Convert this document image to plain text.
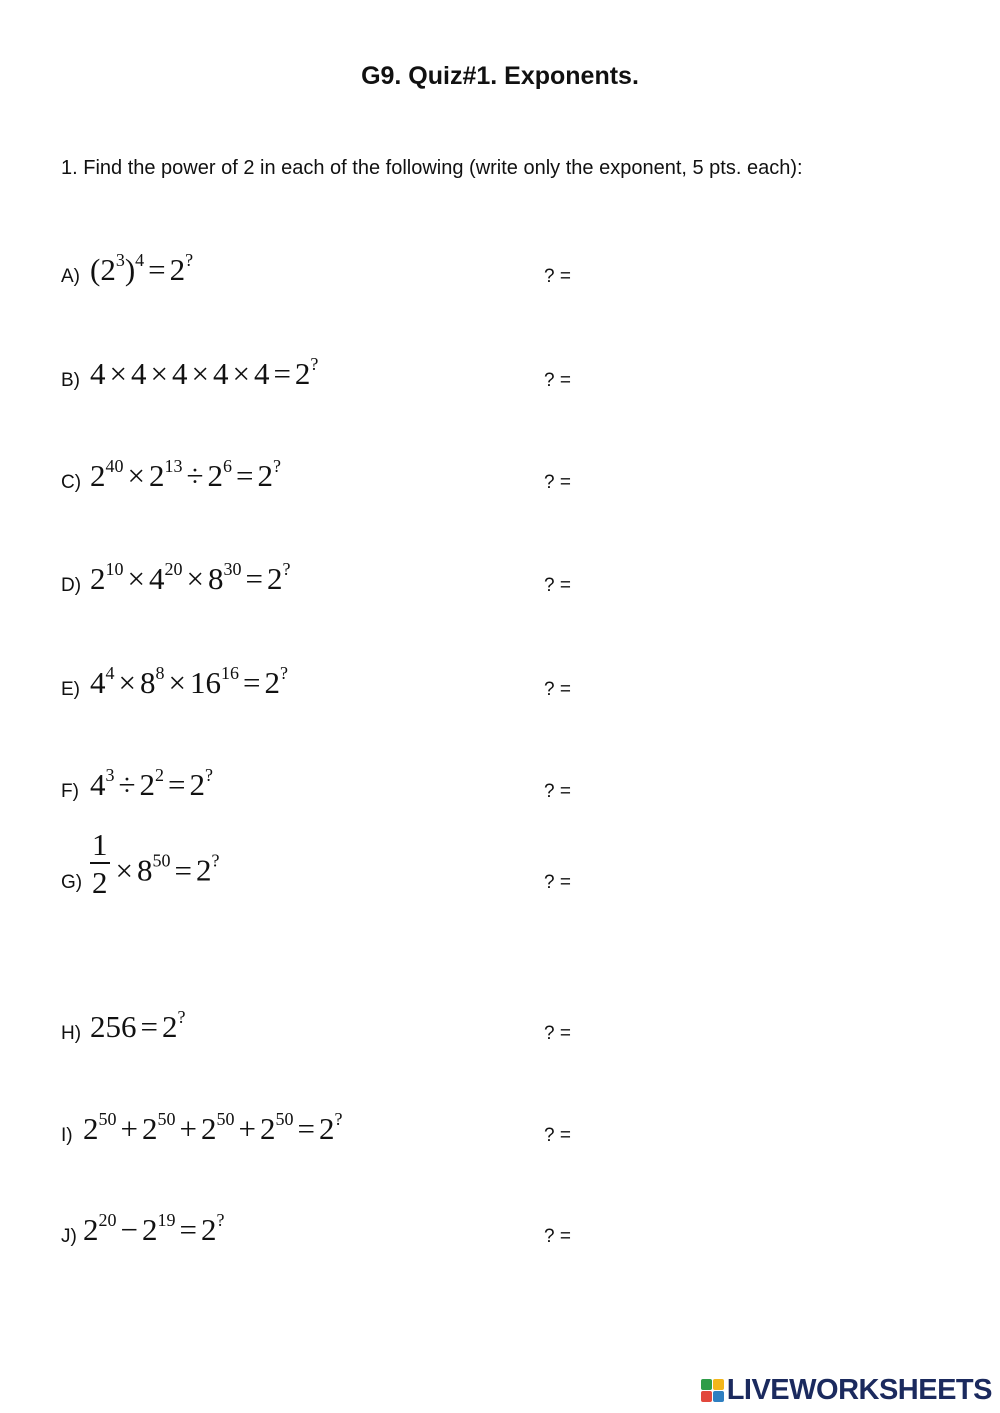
G9. Quiz#1. Exponents.
1. Find the power of 2 in each of the following (write only the exponent, 5 pts. each):
A) $(2^3)^4 = 2^?$
? =
B) 4 × 4 × 4 × 4 × 4 = 2?
? =
C) $2^{40} \times 2^{13} \div 2^6 = 2^?$
? =
D) $2^{10} \times 4^{20} \times 8^{30} = 2^?$
? =
E) $4^4 \times 8^8 \times 16^{16} = 2^?$
? =
F) $4^3 \div 2^2 = 2^?$
? =
$G) \frac{1}{2} \times 8^{50} = 2^?$
? =
H) 256 = 2?
? =
I) $2^{50} + 2^{50} + 2^{50} + 2^{50} = 2^?$
? =
J) $2^{20} - 2^{19} = 2^?$
? =
LIVEWORKSHEETS
